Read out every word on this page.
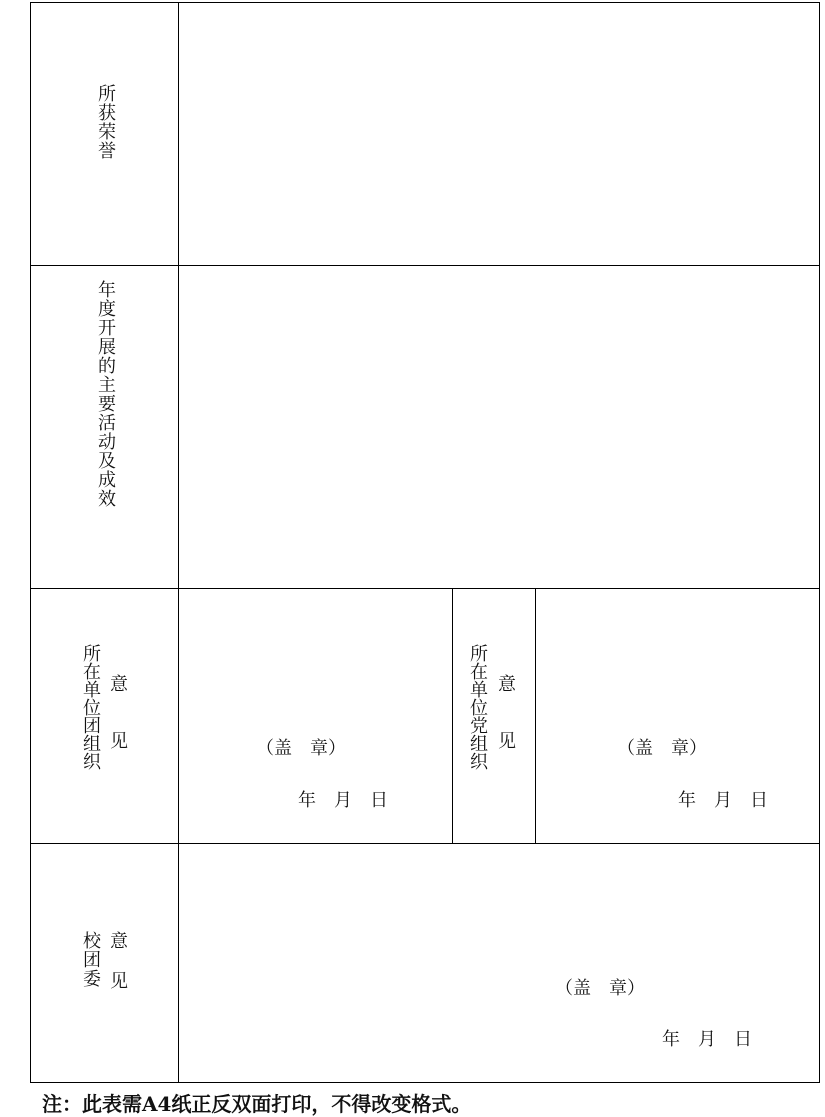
所获荣誉
年度开展的主要活动及成效
所在单位团组织 意见	（盖　章）
年　月　日
所在单位党组织 意见	（盖　章）
年　月　日
校团委 意见	（盖　章）
年　月　日
注：此表需A4纸正反双面打印，不得改变格式。
